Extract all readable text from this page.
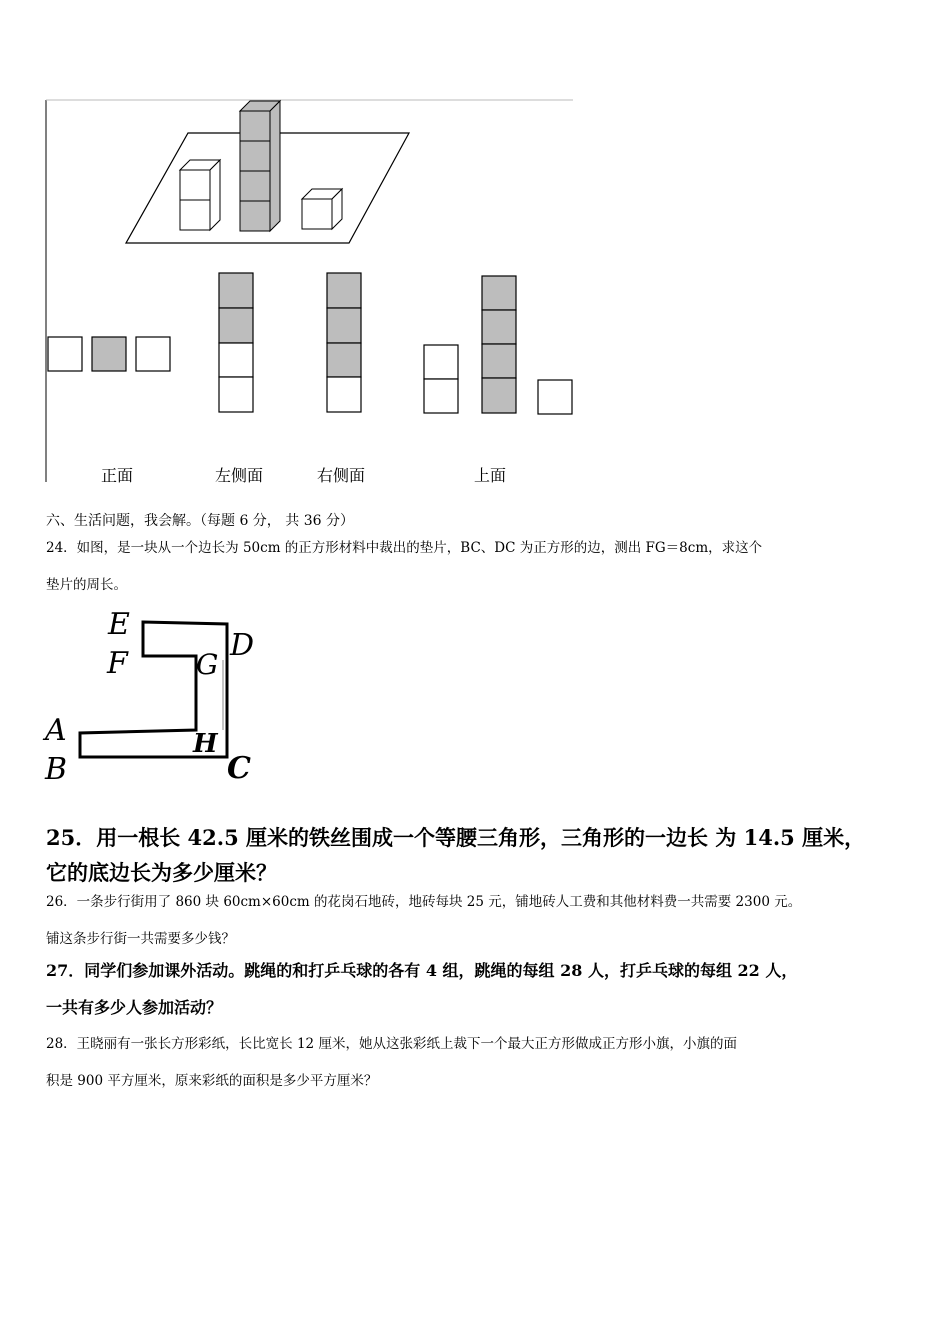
正面	左侧面	右侧面	上面
六、生活问题，我会解。（每题 6 分， 共 36 分）
24．如图，是一块从一个边长为 50cm 的正方形材料中裁出的垫片，BC、DC 为正方形的边，测出 FG＝8cm，求这个
垫片的周长。
E
F G
D
A
B
H
C
25．用一根长 42.5 厘米的铁丝围成一个等腰三角形，三角形的一边长 为 14.5 厘米，
它的底边长为多少厘米？
26．一条步行街用了 860 块 60cm×60cm 的花岗石地砖，地砖每块 25 元，铺地砖人工费和其他材料费一共需要 2300 元。
铺这条步行街一共需要多少钱？
27．同学们参加课外活动。跳绳的和打乒乓球的各有 4 组，跳绳的每组 28 人，打乒乓球的每组 22 人，
一共有多少人参加活动？
28．王晓丽有一张长方形彩纸，长比宽长 12 厘米，她从这张彩纸上裁下一个最大正方形做成正方形小旗，小旗的面
积是 900 平方厘米，原来彩纸的面积是多少平方厘米？
